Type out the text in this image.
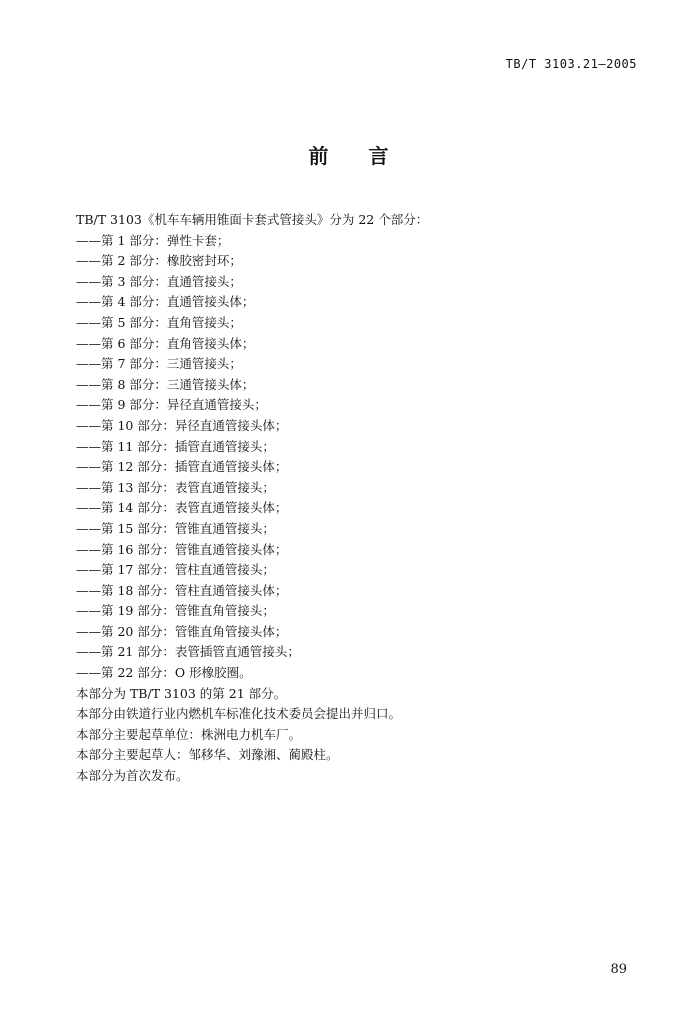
TB/T 3103.21—2005
前言

TB/T 3103《机车车辆用锥面卡套式管接头》分为 22 个部分：

——第 1 部分：弹性卡套；

——第 2 部分：橡胶密封环；

——第 3 部分：直通管接头；

——第 4 部分：直通管接头体；

——第 5 部分：直角管接头；

——第 6 部分：直角管接头体；

——第 7 部分：三通管接头；

——第 8 部分：三通管接头体；

——第 9 部分：异径直通管接头；

——第 10 部分：异径直通管接头体；

——第 11 部分：插管直通管接头；

——第 12 部分：插管直通管接头体；

——第 13 部分：表管直通管接头；

——第 14 部分：表管直通管接头体；

——第 15 部分：管锥直通管接头；

——第 16 部分：管锥直通管接头体；

——第 17 部分：管柱直通管接头；

——第 18 部分：管柱直通管接头体；

——第 19 部分：管锥直角管接头；

——第 20 部分：管锥直角管接头体；

——第 21 部分：表管插管直通管接头；

——第 22 部分：O 形橡胶圈。

本部分为 TB/T 3103 的第 21 部分。

本部分由铁道行业内燃机车标准化技术委员会提出并归口。

本部分主要起草单位：株洲电力机车厂。

本部分主要起草人：邹移华、刘豫湘、蔺殿柱。

本部分为首次发布。

89
